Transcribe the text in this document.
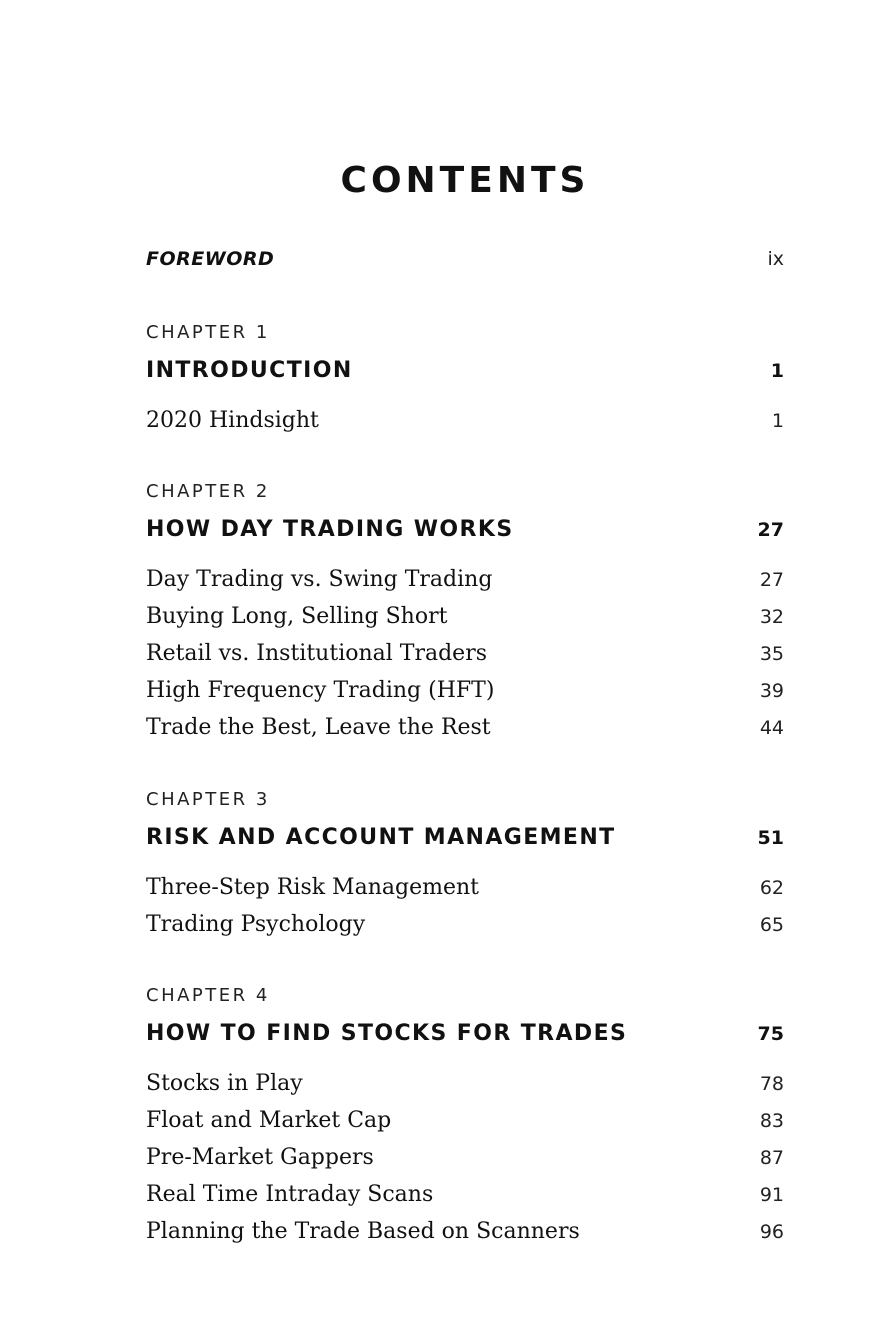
CONTENTS
FOREWORD	ix
CHAPTER 1
INTRODUCTION	1
2020 Hindsight	1
CHAPTER 2
HOW DAY TRADING WORKS	27
Day Trading vs. Swing Trading	27
Buying Long, Selling Short	32
Retail vs. Institutional Traders	35
High Frequency Trading (HFT)	39
Trade the Best, Leave the Rest	44
CHAPTER 3
RISK AND ACCOUNT MANAGEMENT	51
Three-Step Risk Management	62
Trading Psychology	65
CHAPTER 4
HOW TO FIND STOCKS FOR TRADES	75
Stocks in Play	78
Float and Market Cap	83
Pre-Market Gappers	87
Real Time Intraday Scans	91
Planning the Trade Based on Scanners	96
